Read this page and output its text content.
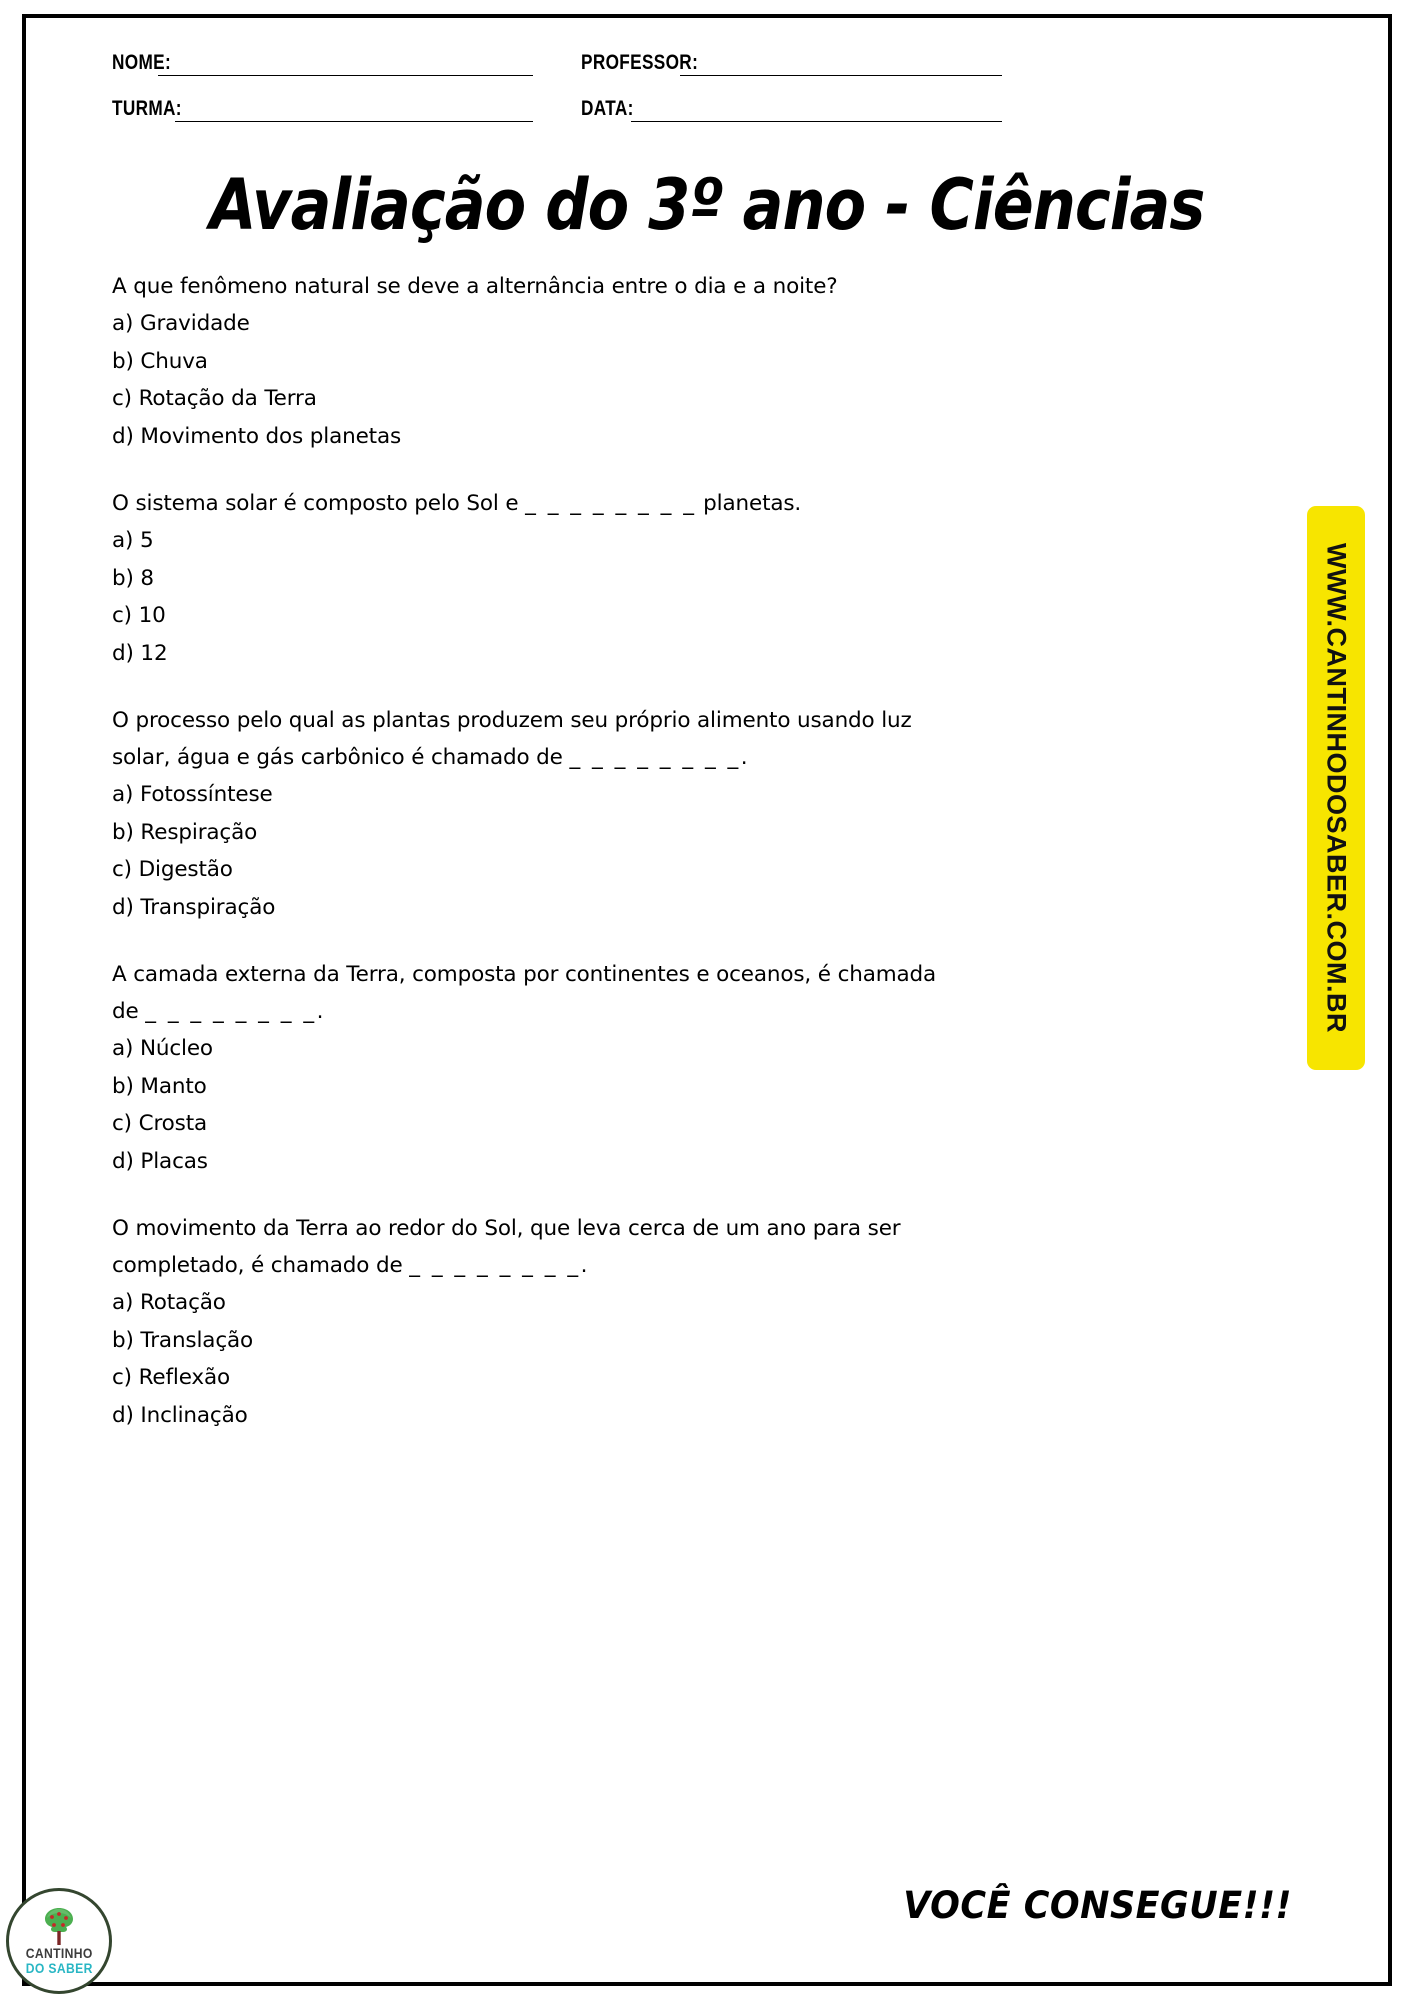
NOME:	PROFESSOR:
TURMA:	DATA:
Avaliação do 3º ano - Ciências
A que fenômeno natural se deve a alternância entre o dia e a noite?
a) Gravidade
b) Chuva
c) Rotação da Terra
d) Movimento dos planetas
O sistema solar é composto pelo Sol e _ _ _ _ _ _ _ _ planetas.
a) 5
b) 8
c) 10
d) 12
O processo pelo qual as plantas produzem seu próprio alimento usando luz solar, água e gás carbônico é chamado de _ _ _ _ _ _ _ _.
a) Fotossíntese
b) Respiração
c) Digestão
d) Transpiração
A camada externa da Terra, composta por continentes e oceanos, é chamada de _ _ _ _ _ _ _ _.
a) Núcleo
b) Manto
c) Crosta
d) Placas
O movimento da Terra ao redor do Sol, que leva cerca de um ano para ser completado, é chamado de _ _ _ _ _ _ _ _.
a) Rotação
b) Translação
c) Reflexão
d) Inclinação
WWW.CANTINHODOSABER.COM.BR
CANTINHO
DO SABER
VOCÊ CONSEGUE!!!
